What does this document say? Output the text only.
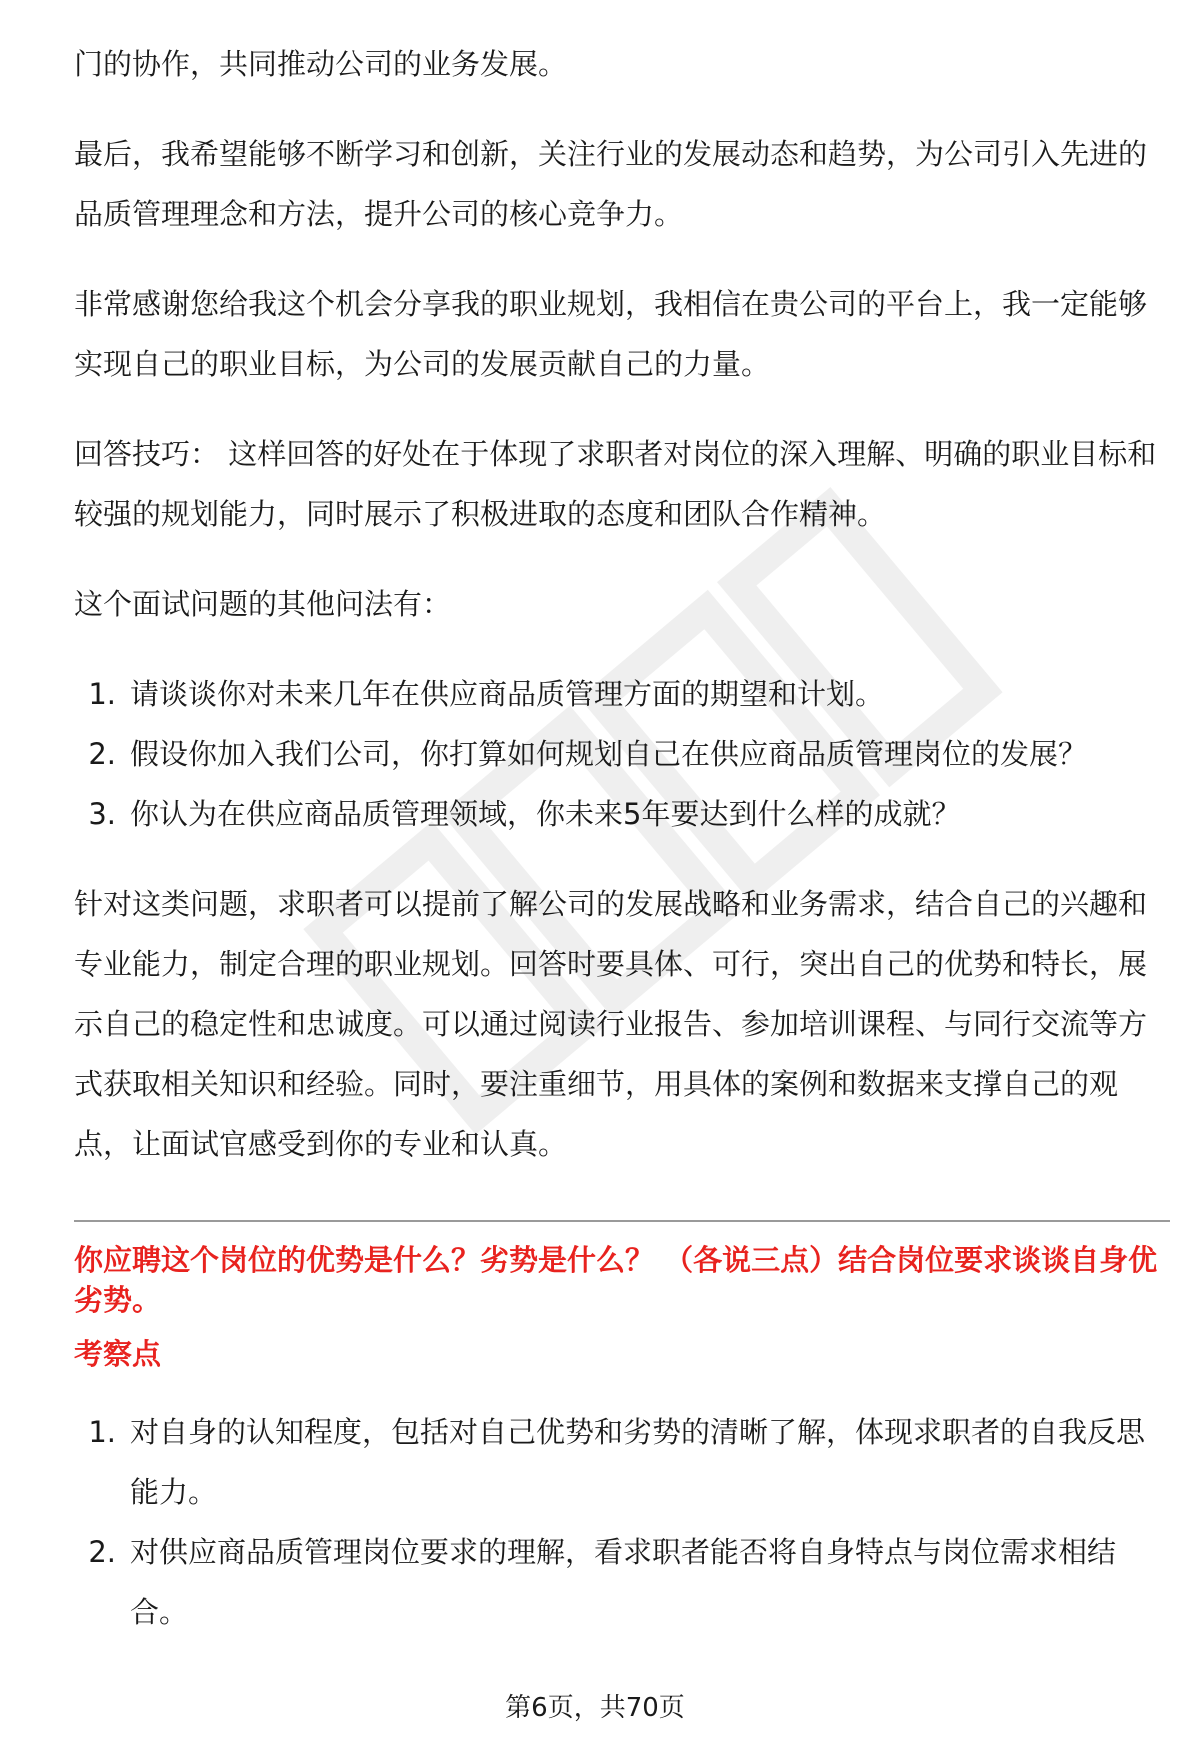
门的协作，共同推动公司的业务发展。

最后，我希望能够不断学习和创新，关注行业的发展动态和趋势，为公司引入先进的品质管理理念和方法，提升公司的核心竞争力。

非常感谢您给我这个机会分享我的职业规划，我相信在贵公司的平台上，我一定能够实现自己的职业目标，为公司的发展贡献自己的力量。

回答技巧： 这样回答的好处在于体现了求职者对岗位的深入理解、明确的职业目标和较强的规划能力，同时展示了积极进取的态度和团队合作精神。

这个面试问题的其他问法有：

1. 请谈谈你对未来几年在供应商品质管理方面的期望和计划。
2. 假设你加入我们公司，你打算如何规划自己在供应商品质管理岗位的发展？
3. 你认为在供应商品质管理领域，你未来5年要达到什么样的成就？

针对这类问题，求职者可以提前了解公司的发展战略和业务需求，结合自己的兴趣和专业能力，制定合理的职业规划。回答时要具体、可行，突出自己的优势和特长，展示自己的稳定性和忠诚度。可以通过阅读行业报告、参加培训课程、与同行交流等方式获取相关知识和经验。同时，要注重细节，用具体的案例和数据来支撑自己的观点，让面试官感受到你的专业和认真。

你应聘这个岗位的优势是什么？劣势是什么？ （各说三点）结合岗位要求谈谈自身优劣势。

考察点

1. 对自身的认知程度，包括对自己优势和劣势的清晰了解，体现求职者的自我反思能力。
2. 对供应商品质管理岗位要求的理解，看求职者能否将自身特点与岗位需求相结合。
第6页，共70页
